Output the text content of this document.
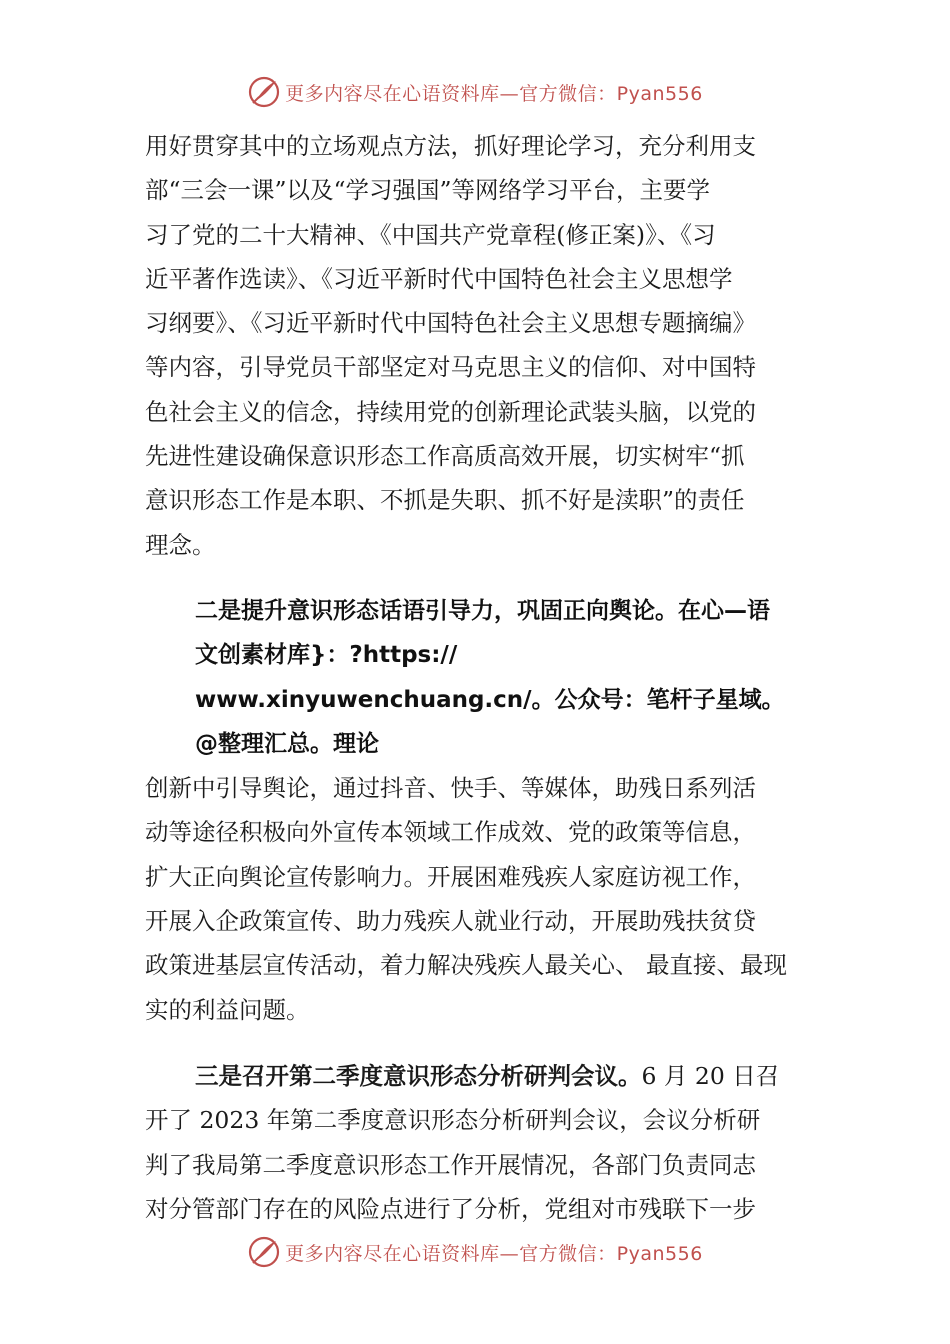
更多内容尽在心语资料库—官方微信：Pyan556

用好贯穿其中的立场观点方法，抓好理论学习，充分利用支
部“三会一课”以及“学习强国”等网络学习平台，主要学
习了党的二十大精神、《中国共产党章程(修正案)》、《习
近平著作选读》、《习近平新时代中国特色社会主义思想学
习纲要》、《习近平新时代中国特色社会主义思想专题摘编》
等内容，引导党员干部坚定对马克思主义的信仰、对中国特
色社会主义的信念，持续用党的创新理论武装头脑，以党的
先进性建设确保意识形态工作高质高效开展，切实树牢“抓
意识形态工作是本职、不抓是失职、抓不好是渎职”的责任
理念。

二是提升意识形态话语引导力，巩固正向舆论。在心—语
文创素材库}：?https://
www.xinyuwenchuang.cn/。公众号：笔杆子星域。
@整理汇总。理论

创新中引导舆论，通过抖音、快手、等媒体，助残日系列活
动等途径积极向外宣传本领域工作成效、党的政策等信息，
扩大正向舆论宣传影响力。开展困难残疾人家庭访视工作，
开展入企政策宣传、助力残疾人就业行动，开展助残扶贫贷
政策进基层宣传活动，着力解决残疾人最关心、 最直接、最现
实的利益问题。

三是召开第二季度意识形态分析研判会议。6 月 20 日召

开了 2023 年第二季度意识形态分析研判会议，会议分析研
判了我局第二季度意识形态工作开展情况，各部门负责同志
对分管部门存在的风险点进行了分析，党组对市残联下一步

更多内容尽在心语资料库—官方微信：Pyan556
